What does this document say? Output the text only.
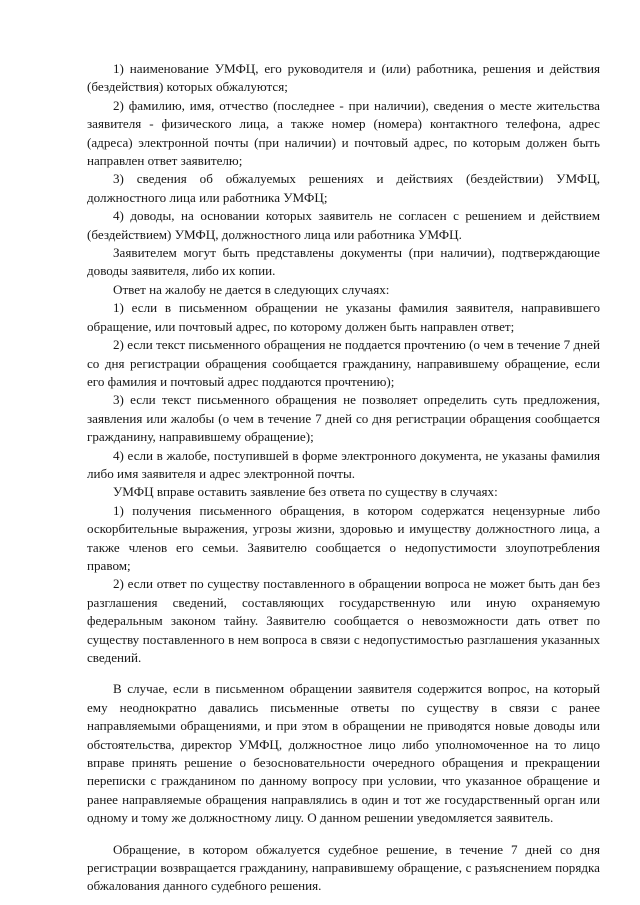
1) наименование УМФЦ, его руководителя и (или) работника, решения и действия (бездействия) которых обжалуются;

2) фамилию, имя, отчество (последнее - при наличии), сведения о месте жительства заявителя - физического лица, а также номер (номера) контактного телефона, адрес (адреса) электронной почты (при наличии) и почтовый адрес, по которым должен быть направлен ответ заявителю;

3) сведения об обжалуемых решениях и действиях (бездействии) УМФЦ, должностного лица или работника УМФЦ;

4) доводы, на основании которых заявитель не согласен с решением и действием (бездействием) УМФЦ, должностного лица или работника УМФЦ.

Заявителем могут быть представлены документы (при наличии), подтверждающие доводы заявителя, либо их копии.

Ответ на жалобу не дается в следующих случаях:

1) если в письменном обращении не указаны фамилия заявителя, направившего обращение, или почтовый адрес, по которому должен быть направлен ответ;

2) если текст письменного обращения не поддается прочтению (о чем в течение 7 дней со дня регистрации обращения сообщается гражданину, направившему обращение, если его фамилия и почтовый адрес поддаются прочтению);

3) если текст письменного обращения не позволяет определить суть предложения, заявления или жалобы (о чем в течение 7 дней со дня регистрации обращения сообщается гражданину, направившему обращение);

4) если в жалобе, поступившей в форме электронного документа, не указаны фамилия либо имя заявителя и адрес электронной почты.

УМФЦ вправе оставить заявление без ответа по существу в случаях:

1) получения письменного обращения, в котором содержатся нецензурные либо оскорбительные выражения, угрозы жизни, здоровью и имуществу должностного лица, а также членов его семьи. Заявителю сообщается о недопустимости злоупотребления правом;

2) если ответ по существу поставленного в обращении вопроса не может быть дан без разглашения сведений, составляющих государственную или иную охраняемую федеральным законом тайну. Заявителю сообщается о невозможности дать ответ по существу поставленного в нем вопроса в связи с недопустимостью разглашения указанных сведений.

В случае, если в письменном обращении заявителя содержится вопрос, на который ему неоднократно давались письменные ответы по существу в связи с ранее направляемыми обращениями, и при этом в обращении не приводятся новые доводы или обстоятельства, директор УМФЦ, должностное лицо либо уполномоченное на то лицо вправе принять решение о безосновательности очередного обращения и прекращении переписки с гражданином по данному вопросу при условии, что указанное обращение и ранее направляемые обращения направлялись в один и тот же государственный орган или одному и тому же должностному лицу. О данном решении уведомляется заявитель.

Обращение, в котором обжалуется судебное решение, в течение 7 дней со дня регистрации возвращается гражданину, направившему обращение, с разъяснением порядка обжалования данного судебного решения.
